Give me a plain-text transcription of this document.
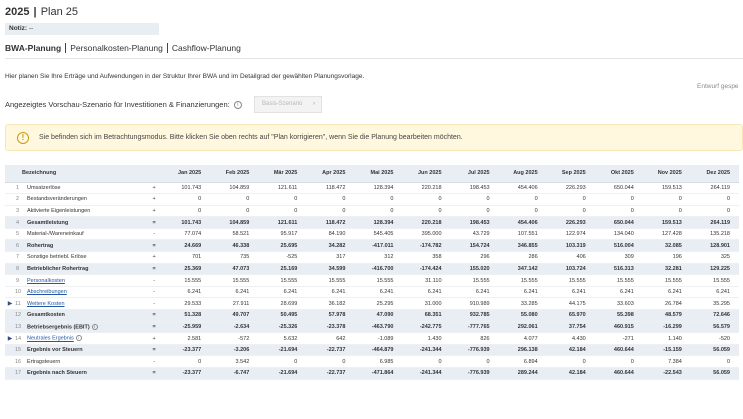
2025 | Plan 25
Notiz: --
BWA-Planung Personalkosten-Planung Cashflow-Planung
Hier planen Sie Ihre Erträge und Aufwendungen in der Struktur Ihrer BWA und im Detailgrad der gewählten Planungsvorlage.
Entwurf gespe
Angezeigtes Vorschau-Szenario für Investitionen & Finanzierungen: i	Basis-Szenario ›
!	Sie befinden sich im Betrachtungsmodus. Bitte klicken Sie oben rechts auf "Plan korrigieren", wenn Sie die Planung bearbeiten möchten.
Bezeichnung				Jan 2025	Feb 2025	Mär 2025	Apr 2025	Mai 2025	Jun 2025	Jul 2025	Aug 2025	Sep 2025	Okt 2025	Nov 2025	Dez 2025
	1	Umsatzerlöse	+	101.743	104.859	121.611	118.472	128.394	220.218	198.453	454.406	226.293	650.044	159.513	264.119
	2	Bestandsveränderungen	+	0	0	0	0	0	0	0	0	0	0	0	0
	3	Aktivierte Eigenleistungen	+	0	0	0	0	0	0	0	0	0	0	0	0
	4	Gesamtleistung	=	101.743	104.859	121.611	118.472	128.394	220.218	198.453	454.406	226.293	650.044	159.513	264.119
	5	Material-/Wareneinkauf	-	77.074	58.521	95.917	84.190	545.405	395.000	43.729	107.551	122.974	134.040	127.428	135.218
	6	Rohertrag	=	24.669	46.338	25.695	34.282	-417.011	-174.782	154.724	346.855	103.319	516.004	32.085	128.901
	7	Sonstige betriebl. Erlöse	+	701	735	-525	317	312	358	296	286	406	309	196	325
	8	Betrieblicher Rohertrag	=	25.369	47.073	25.169	34.599	-416.700	-174.424	155.020	347.142	103.724	516.313	32.281	129.225
	9	Personalkosten	-	15.555	15.555	15.555	15.555	15.555	31.110	15.555	15.555	15.555	15.555	15.555	15.555
	10	Abschreibungen	-	6.241	6.241	6.241	6.241	6.241	6.241	6.241	6.241	6.241	6.241	6.241	6.241
▶	11	Weitere Kosten	-	29.533	27.911	28.699	36.182	25.295	31.000	910.989	33.285	44.175	33.603	26.784	35.295
	12	Gesamtkosten	=	51.328	49.707	50.495	57.978	47.090	68.351	932.785	55.080	65.970	55.398	48.579	72.646
	13	Betriebsergebnis (EBIT) i	=	-25.959	-2.634	-25.326	-23.378	-463.790	-242.775	-777.765	292.061	37.754	460.915	-16.299	56.579
▶	14	Neutrales Ergebnis i	+	2.581	-572	5.632	642	-1.089	1.430	826	4.077	4.430	-271	1.140	-520
	15	Ergebnis vor Steuern	=	-23.377	-3.206	-21.694	-22.737	-464.879	-241.344	-776.939	296.138	42.184	460.644	-15.159	56.059
	16	Ertragsteuern	-	0	3.542	0	0	6.985	0	0	6.894	0	0	7.384	0
	17	Ergebnis nach Steuern	=	-23.377	-6.747	-21.694	-22.737	-471.864	-241.344	-776.939	289.244	42.184	460.644	-22.543	56.059
